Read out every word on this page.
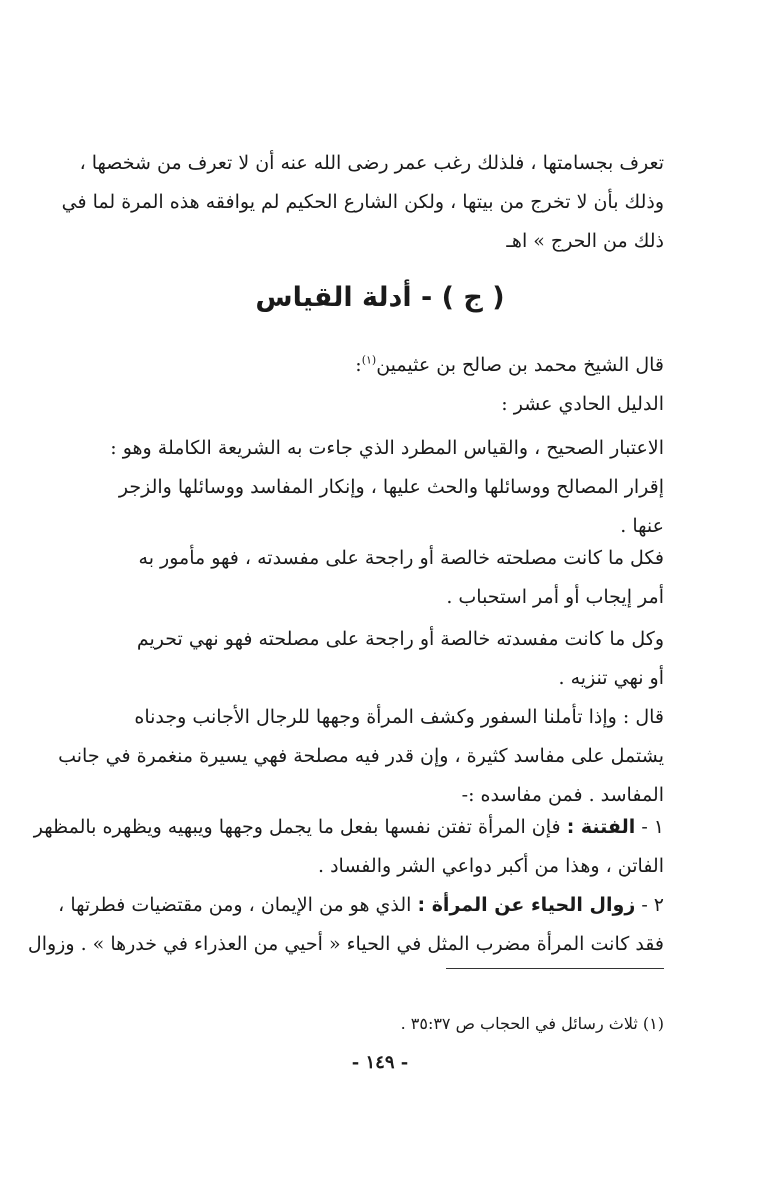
تعرف بجسامتها ، فلذلك رغب عمر رضى الله عنه أن لا تعرف من شخصها ،
وذلك بأن لا تخرج من بيتها ، ولكن الشارع الحكيم لم يوافقه هذه المرة لما في
ذلك من الحرج » اهـ
( ج ) - أدلة القياس
قال الشيخ محمد بن صالح بن عثيمين$^{(١)}$:
الدليل الحادي عشر :
الاعتبار الصحيح ، والقياس المطرد الذي جاءت به الشريعة الكاملة وهو :
إقرار المصالح ووسائلها والحث عليها ، وإنكار المفاسد ووسائلها والزجر
عنها .
فكل ما كانت مصلحته خالصة أو راجحة على مفسدته ، فهو مأمور به
أمر إيجاب أو أمر استحباب .
وكل ما كانت مفسدته خالصة أو راجحة على مصلحته فهو نهي تحريم
أو نهي تنزيه .
قال : وإذا تأملنا السفور وكشف المرأة وجهها للرجال الأجانب وجدناه
يشتمل على مفاسد كثيرة ، وإن قدر فيه مصلحة فهي يسيرة منغمرة في جانب
المفاسد . فمن مفاسده :-
١ - الفتنة : فإن المرأة تفتن نفسها بفعل ما يجمل وجهها ويبهيه ويظهره بالمظهر
الفاتن ، وهذا من أكبر دواعي الشر والفساد .
٢ - زوال الحياء عن المرأة : الذي هو من الإيمان ، ومن مقتضيات فطرتها ،
فقد كانت المرأة مضرب المثل في الحياء « أحيي من العذراء في خدرها » . وزوال
(١) ثلاث رسائل في الحجاب ص ٣٥:٣٧ .
- ١٤٩ -
